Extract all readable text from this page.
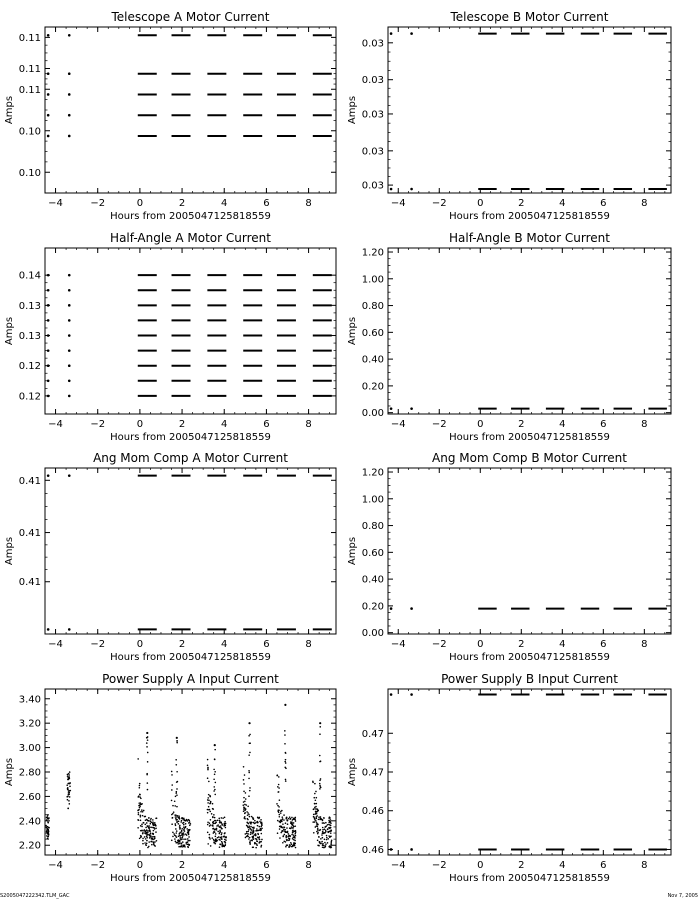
Telescope A Motor Current
Hours from 2005047125818559
Amps
−4	−2	0	2	4	6	8
0.10
0.10
0.11
0.11
0.11
Telescope B Motor Current
Hours from 2005047125818559
Amps
−4	−2	0	2	4	6	8
0.03
0.03
0.03
0.03
0.03
Half-Angle A Motor Current
Hours from 2005047125818559
Amps
−4	−2	0	2	4	6	8
0.12
0.12
0.13
0.13
0.14
Half-Angle B Motor Current
Hours from 2005047125818559
Amps
−4	−2	0	2	4	6	8
0.00
0.20
0.40
0.60
0.80
1.00
1.20
Ang Mom Comp A Motor Current
Hours from 2005047125818559
Amps
−4	−2	0	2	4	6	8
0.41
0.41
0.41
Ang Mom Comp B Motor Current
Hours from 2005047125818559
Amps
−4	−2	0	2	4	6	8
0.00
0.20
0.40
0.60
0.80
1.00
1.20
Power Supply A Input Current
Hours from 2005047125818559
Amps
−4	−2	0	2	4	6	8
2.20
2.40
2.60
2.80
3.00
3.20
3.40
Power Supply B Input Current
Hours from 2005047125818559
Amps
−4	−2	0	2	4	6	8
0.46
0.46
0.47
0.47
S2005047222342.TLM_GAC	Nov 7, 2005
